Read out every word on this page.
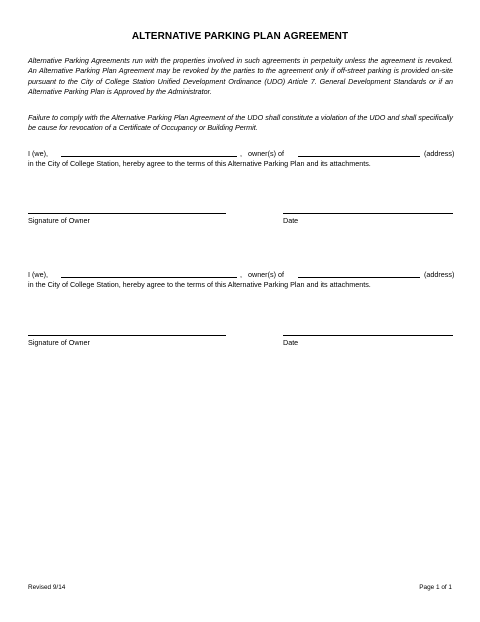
ALTERNATIVE PARKING PLAN AGREEMENT

Alternative Parking Agreements run with the properties involved in such agreements in perpetuity unless the agreement is revoked. An Alternative Parking Plan Agreement may be revoked by the parties to the agreement only if off-street parking is provided on-site pursuant to the City of College Station Unified Development Ordinance (UDO) Article 7. General Development Standards or if an Alternative Parking Plan is Approved by the Administrator.

Failure to comply with the Alternative Parking Plan Agreement of the UDO shall constitute a violation of the UDO and shall specifically be cause for revocation of a Certificate of Occupancy or Building Permit.

I (we),	, owner(s) of	(address)
in the City of College Station, hereby agree to the terms of this Alternative Parking Plan and its attachments.
Signature of Owner	Date
I (we),	, owner(s) of	(address)
in the City of College Station, hereby agree to the terms of this Alternative Parking Plan and its attachments.
Signature of Owner	Date
Revised 9/14	Page 1 of 1
